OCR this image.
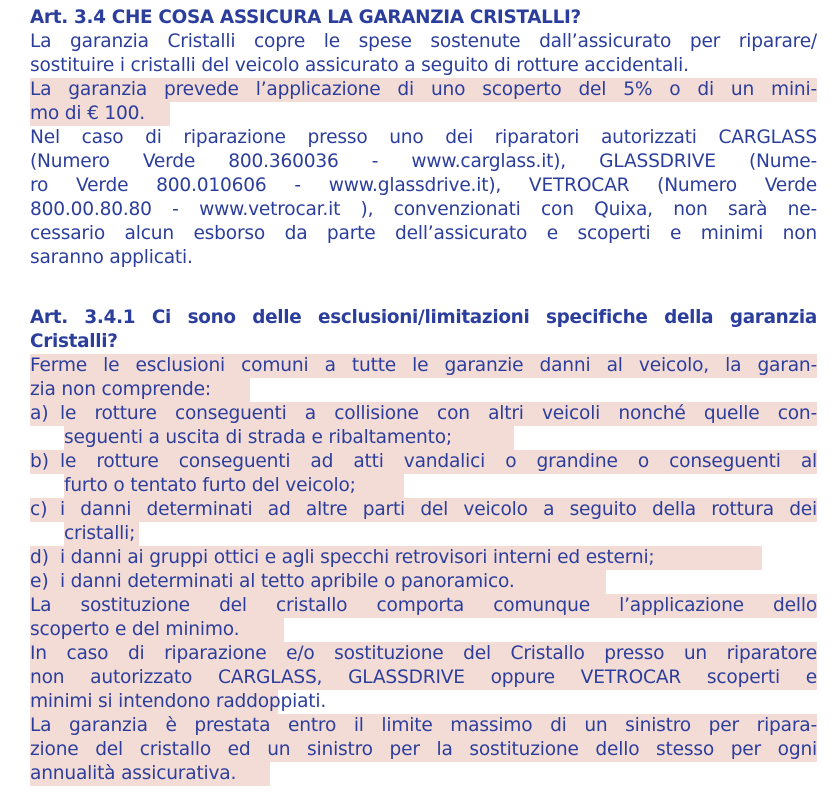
Art. 3.4 CHE COSA ASSICURA LA GARANZIA CRISTALLI?
La garanzia Cristalli copre le spese sostenute dall’assicurato per riparare/
sostituire i cristalli del veicolo assicurato a seguito di rotture accidentali.
La garanzia prevede l’applicazione di uno scoperto del 5% o di un mini-
mo di € 100.
Nel caso di riparazione presso uno dei riparatori autorizzati CARGLASS
(Numero Verde 800.360036 - www.carglass.it), GLASSDRIVE (Nume-
ro Verde 800.010606 - www.glassdrive.it), VETROCAR (Numero Verde
800.00.80.80 - www.vetrocar.it ), convenzionati con Quixa, non sarà ne-
cessario alcun esborso da parte dell’assicurato e scoperti e minimi non
saranno applicati.
Art. 3.4.1 Ci sono delle esclusioni/limitazioni specifiche della garanzia
Cristalli?
Ferme le esclusioni comuni a tutte le garanzie danni al veicolo, la garan-
zia non comprende:
a) le rotture conseguenti a collisione con altri veicoli nonché quelle con-
seguenti a uscita di strada e ribaltamento;
b) le rotture conseguenti ad atti vandalici o grandine o conseguenti al
furto o tentato furto del veicolo;
c) i danni determinati ad altre parti del veicolo a seguito della rottura dei
cristalli;
d) i danni ai gruppi ottici e agli specchi retrovisori interni ed esterni;
e) i danni determinati al tetto apribile o panoramico.
La sostituzione del cristallo comporta comunque l’applicazione dello
scoperto e del minimo.
In caso di riparazione e/o sostituzione del Cristallo presso un riparatore
non autorizzato CARGLASS, GLASSDRIVE oppure VETROCAR scoperti e
minimi si intendono raddoppiati.
La garanzia è prestata entro il limite massimo di un sinistro per ripara-
zione del cristallo ed un sinistro per la sostituzione dello stesso per ogni
annualità assicurativa.
